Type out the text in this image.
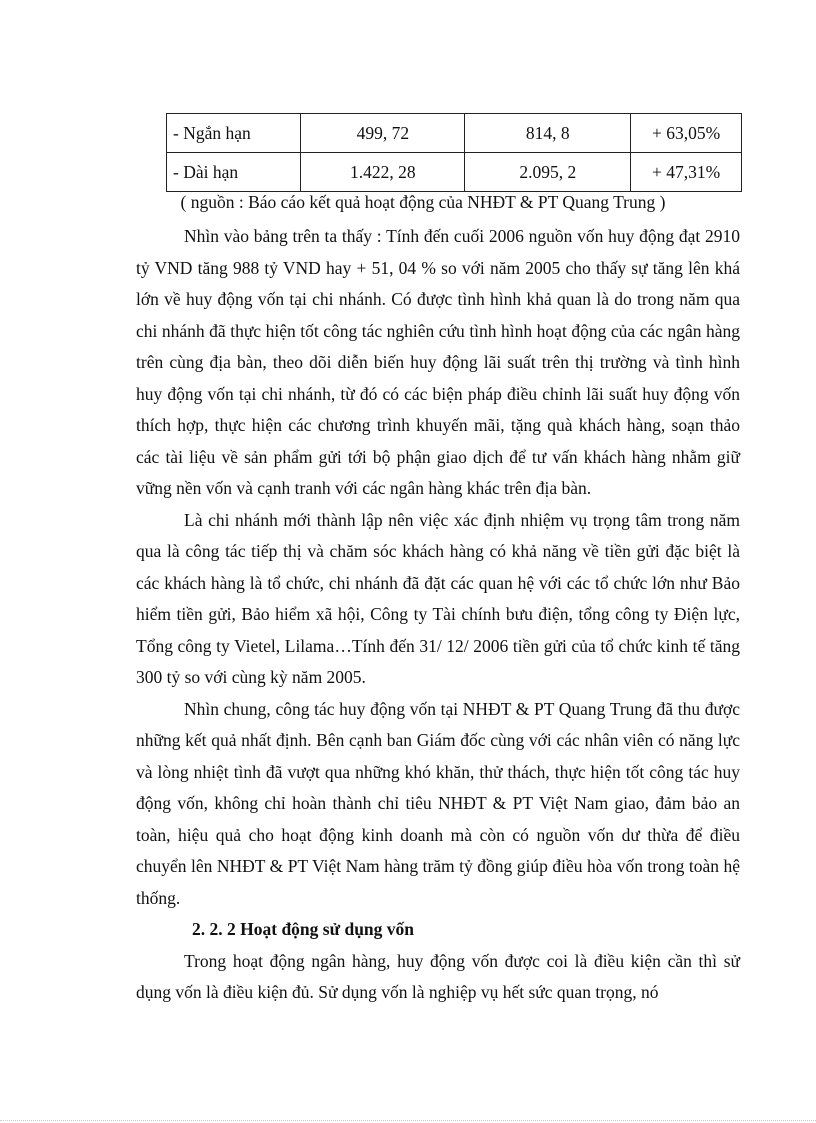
- Ngắn hạn	499, 72	814, 8	+ 63,05%
- Dài hạn	1.422, 28	2.095, 2	+ 47,31%
( nguồn : Báo cáo kết quả hoạt động của NHĐT & PT Quang Trung )

Nhìn vào bảng trên ta thấy : Tính đến cuối 2006 nguồn vốn huy động đạt 2910 tỷ VND tăng 988 tỷ VND hay + 51, 04 % so với năm 2005 cho thấy sự tăng lên khá lớn về huy động vốn tại chi nhánh. Có được tình hình khả quan là do trong năm qua chi nhánh đã thực hiện tốt công tác nghiên cứu tình hình hoạt động của các ngân hàng trên cùng địa bàn, theo dõi diễn biến huy động lãi suất trên thị trường và tình hình huy động vốn tại chi nhánh, từ đó có các biện pháp điều chỉnh lãi suất huy động vốn thích hợp, thực hiện các chương trình khuyến mãi, tặng quà khách hàng, soạn thảo các tài liệu về sản phẩm gửi tới bộ phận giao dịch để tư vấn khách hàng nhằm giữ vững nền vốn và cạnh tranh với các ngân hàng khác trên địa bàn.

Là chi nhánh mới thành lập nên việc xác định nhiệm vụ trọng tâm trong năm qua là công tác tiếp thị và chăm sóc khách hàng có khả năng về tiền gửi đặc biệt là các khách hàng là tổ chức, chi nhánh đã đặt các quan hệ với các tổ chức lớn như Bảo hiểm tiền gửi, Bảo hiểm xã hội, Công ty Tài chính bưu điện, tổng công ty Điện lực, Tổng công ty Vietel, Lilama…Tính đến 31/ 12/ 2006 tiền gửi của tổ chức kinh tế tăng 300 tỷ so với cùng kỳ năm 2005.

Nhìn chung, công tác huy động vốn tại NHĐT & PT Quang Trung đã thu được những kết quả nhất định. Bên cạnh ban Giám đốc cùng với các nhân viên có năng lực và lòng nhiệt tình đã vượt qua những khó khăn, thử thách, thực hiện tốt công tác huy động vốn, không chỉ hoàn thành chỉ tiêu NHĐT & PT Việt Nam giao, đảm bảo an toàn, hiệu quả cho hoạt động kinh doanh mà còn có nguồn vốn dư thừa để điều chuyển lên NHĐT & PT Việt Nam hàng trăm tỷ đồng giúp điều hòa vốn trong toàn hệ thống.

2. 2. 2 Hoạt động sử dụng vốn

Trong hoạt động ngân hàng, huy động vốn được coi là điều kiện cần thì sử dụng vốn là điều kiện đủ. Sử dụng vốn là nghiệp vụ hết sức quan trọng, nó
